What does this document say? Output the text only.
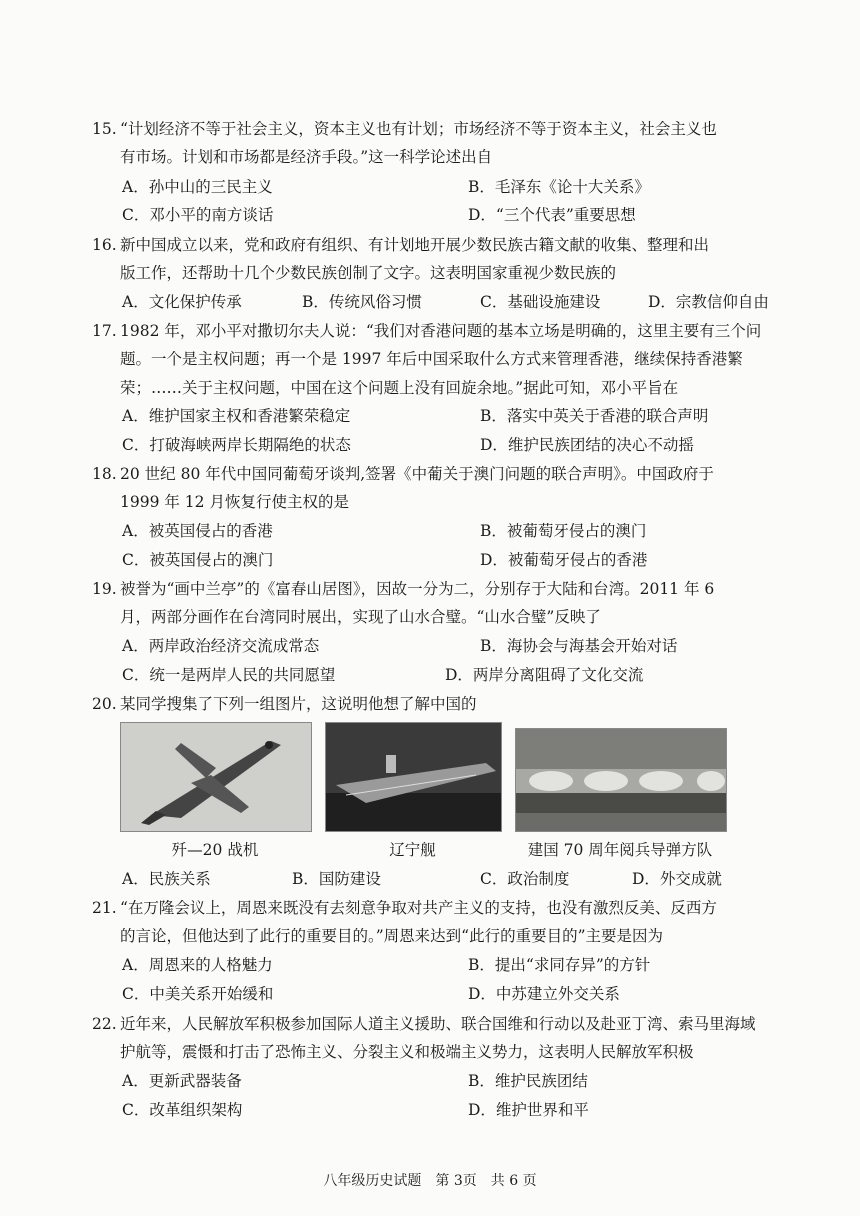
15. “计划经济不等于社会主义，资本主义也有计划；市场经济不等于资本主义，社会主义也
有市场。计划和市场都是经济手段。”这一科学论述出自
A．孙中山的三民主义	B．毛泽东《论十大关系》
C．邓小平的南方谈话	D．“三个代表”重要思想
16. 新中国成立以来，党和政府有组织、有计划地开展少数民族古籍文献的收集、整理和出
版工作，还帮助十几个少数民族创制了文字。这表明国家重视少数民族的
A．文化保护传承	B．传统风俗习惯	C．基础设施建设	D．宗教信仰自由
17. 1982 年，邓小平对撒切尔夫人说：“我们对香港问题的基本立场是明确的，这里主要有三个问
题。一个是主权问题；再一个是 1997 年后中国采取什么方式来管理香港，继续保持香港繁
荣；……关于主权问题，中国在这个问题上没有回旋余地。”据此可知，邓小平旨在
A．维护国家主权和香港繁荣稳定	B．落实中英关于香港的联合声明
C．打破海峡两岸长期隔绝的状态	D．维护民族团结的决心不动摇
18. 20 世纪 80 年代中国同葡萄牙谈判,签署《中葡关于澳门问题的联合声明》。中国政府于
1999 年 12 月恢复行使主权的是
A．被英国侵占的香港	B．被葡萄牙侵占的澳门
C．被英国侵占的澳门	D．被葡萄牙侵占的香港
19. 被誉为“画中兰亭”的《富春山居图》，因故一分为二，分别存于大陆和台湾。2011 年 6
月，两部分画作在台湾同时展出，实现了山水合璧。“山水合璧”反映了
A．两岸政治经济交流成常态	B．海协会与海基会开始对话
C．统一是两岸人民的共同愿望	D．两岸分离阻碍了文化交流
20. 某同学搜集了下列一组图片，这说明他想了解中国的
歼—20 战机	辽宁舰	建国 70 周年阅兵导弹方队
A．民族关系	B．国防建设	C．政治制度	D．外交成就
21. “在万隆会议上，周恩来既没有去刻意争取对共产主义的支持，也没有激烈反美、反西方
的言论，但他达到了此行的重要目的。”周恩来达到“此行的重要目的”主要是因为
A．周恩来的人格魅力	B．提出“求同存异”的方针
C．中美关系开始缓和	D．中苏建立外交关系
22. 近年来，人民解放军积极参加国际人道主义援助、联合国维和行动以及赴亚丁湾、索马里海域
护航等，震慑和打击了恐怖主义、分裂主义和极端主义势力，这表明人民解放军积极
A．更新武器装备	B．维护民族团结
C．改革组织架构	D．维护世界和平
八年级历史试题　第 3页　共 6 页
